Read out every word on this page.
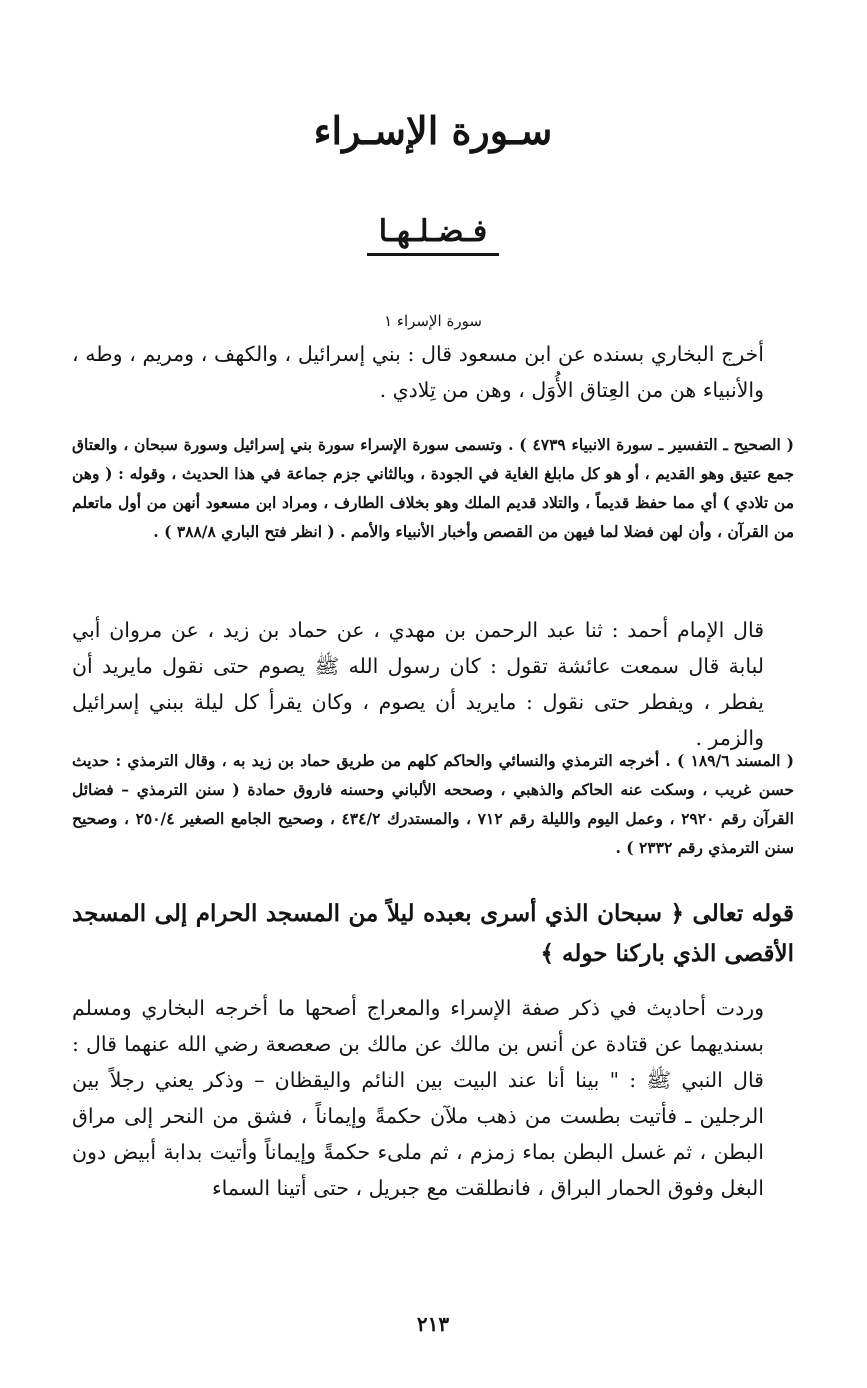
سـورة الإسـراء
فـضـلـهـا

سورة الإسراء ١

أخرج البخاري بسنده عن ابن مسعود قال : بني إسرائيل ، والكهف ، ومريم ، وطه ، والأنبياء هن من العِتاق الأُوَل ، وهن من تِلادي .

( الصحيح ـ التفسير ـ سورة الانبياء ٤٧٣٩ ) . وتسمى سورة الإسراء سورة بني إسرائيل وسورة سبحان ، والعتاق جمع عتيق وهو القديم ، أو هو كل مابلغ الغاية في الجودة ، وبالثاني جزم جماعة في هذا الحديث ، وقوله : ( وهن من تلادي ) أي مما حفظ قديماً ، والتلاد قديم الملك وهو بخلاف الطارف ، ومراد ابن مسعود أنهن من أول ماتعلم من القرآن ، وأن لهن فضلا لما فيهن من القصص وأخبار الأنبياء والأمم . ( انظر فتح الباري ٣٨٨/٨ ) .

قال الإمام أحمد : ثنا عبد الرحمن بن مهدي ، عن حماد بن زيد ، عن مروان أبي لبابة قال سمعت عائشة تقول : كان رسول الله ﷺ يصوم حتى نقول مايريد أن يفطر ، ويفطر حتى نقول : مايريد أن يصوم ، وكان يقرأ كل ليلة ببني إسرائيل والزمر .

( المسند ١٨٩/٦ ) . أخرجه الترمذي والنسائي والحاكم كلهم من طريق حماد بن زيد به ، وقال الترمذي : حديث حسن غريب ، وسكت عنه الحاكم والذهبي ، وصححه الألباني وحسنه فاروق حمادة ( سنن الترمذي – فضائل القرآن رقم ٢٩٢٠ ، وعمل اليوم والليلة رقم ٧١٢ ، والمستدرك ٤٣٤/٢ ، وصحيح الجامع الصغير ٢٥٠/٤ ، وصحيح سنن الترمذي رقم ٢٣٣٢ ) .

قوله تعالى ﴿ سبحان الذي أسرى بعبده ليلاً من المسجد الحرام إلى المسجد الأقصى الذي باركنا حوله ﴾

وردت أحاديث في ذكر صفة الإسراء والمعراج أصحها ما أخرجه البخاري ومسلم بسنديهما عن قتادة عن أنس بن مالك عن مالك بن صعصعة رضي الله عنهما قال : قال النبي ﷺ : " بينا أنا عند البيت بين النائم واليقظان – وذكر يعني رجلاً بين الرجلين ـ فأتيت بطست من ذهب ملآن حكمةً وإيماناً ، فشق من النحر إلى مراق البطن ، ثم غسل البطن بماء زمزم ، ثم ملىء حكمةً وإيماناً وأتيت بدابة أبيض دون البغل وفوق الحمار البراق ، فانطلقت مع جبريل ، حتى أتينا السماء

٢١٣
